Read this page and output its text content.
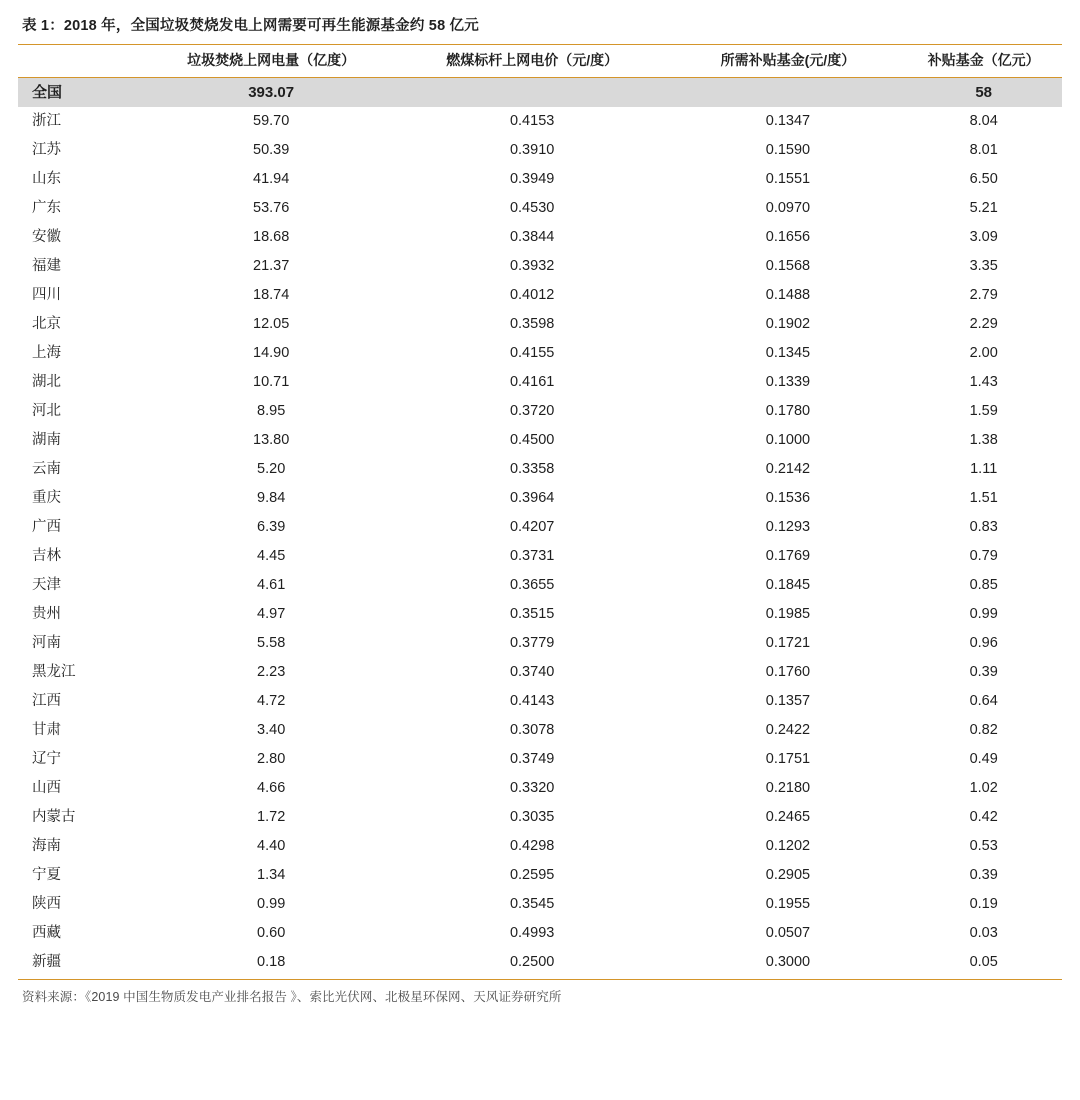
表 1：2018 年，全国垃圾焚烧发电上网需要可再生能源基金约 58 亿元
	垃圾焚烧上网电量（亿度）	燃煤标杆上网电价（元/度）	所需补贴基金(元/度）	补贴基金（亿元）
全国	393.07			58
浙江	59.70	0.4153	0.1347	8.04
江苏	50.39	0.3910	0.1590	8.01
山东	41.94	0.3949	0.1551	6.50
广东	53.76	0.4530	0.0970	5.21
安徽	18.68	0.3844	0.1656	3.09
福建	21.37	0.3932	0.1568	3.35
四川	18.74	0.4012	0.1488	2.79
北京	12.05	0.3598	0.1902	2.29
上海	14.90	0.4155	0.1345	2.00
湖北	10.71	0.4161	0.1339	1.43
河北	8.95	0.3720	0.1780	1.59
湖南	13.80	0.4500	0.1000	1.38
云南	5.20	0.3358	0.2142	1.11
重庆	9.84	0.3964	0.1536	1.51
广西	6.39	0.4207	0.1293	0.83
吉林	4.45	0.3731	0.1769	0.79
天津	4.61	0.3655	0.1845	0.85
贵州	4.97	0.3515	0.1985	0.99
河南	5.58	0.3779	0.1721	0.96
黑龙江	2.23	0.3740	0.1760	0.39
江西	4.72	0.4143	0.1357	0.64
甘肃	3.40	0.3078	0.2422	0.82
辽宁	2.80	0.3749	0.1751	0.49
山西	4.66	0.3320	0.2180	1.02
内蒙古	1.72	0.3035	0.2465	0.42
海南	4.40	0.4298	0.1202	0.53
宁夏	1.34	0.2595	0.2905	0.39
陕西	0.99	0.3545	0.1955	0.19
西藏	0.60	0.4993	0.0507	0.03
新疆	0.18	0.2500	0.3000	0.05
资料来源：《2019 中国生物质发电产业排名报告 》、索比光伏网、北极星环保网、天风证券研究所
